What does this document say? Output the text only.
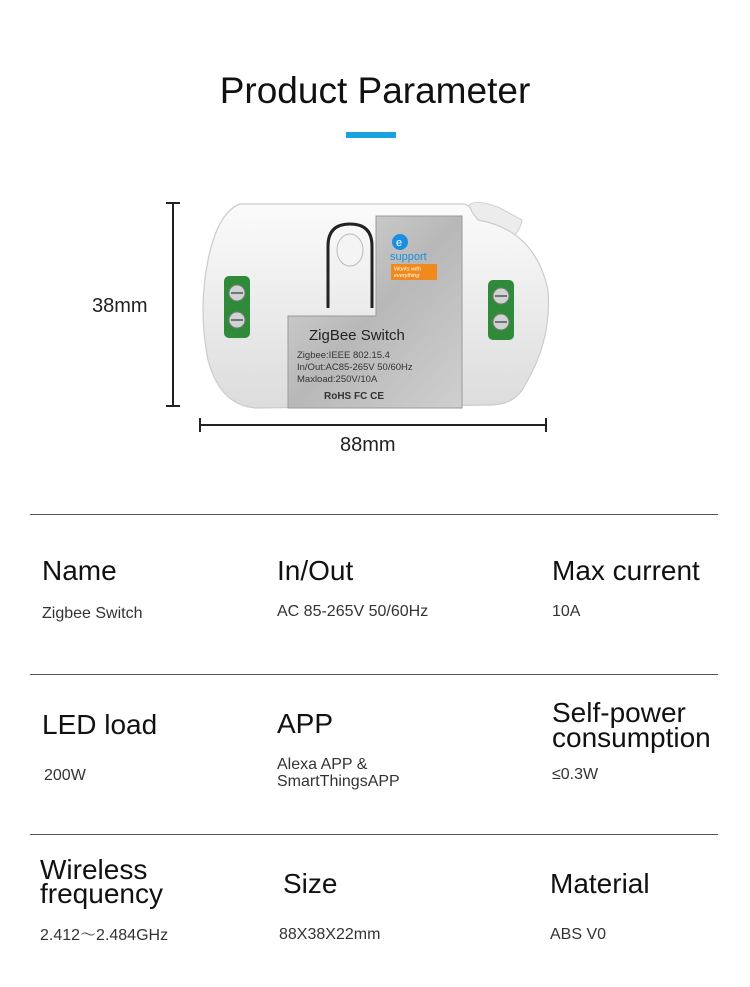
Product Parameter
38mm
88mm
e
support
Works with
everything
ZigBee Switch
Zigbee:IEEE 802.15.4
In/Out:AC85-265V 50/60Hz
Maxload:250V/10A
RoHS FC CE
Name
Zigbee Switch
In/Out
AC 85-265V 50/60Hz
Max current
10A
LED load
200W
APP
Alexa APP &
SmartThingsAPP
Self-power
consumption
≤0.3W
Wireless
frequency
2.412～2.484GHz
Size
88X38X22mm
Material
ABS V0
